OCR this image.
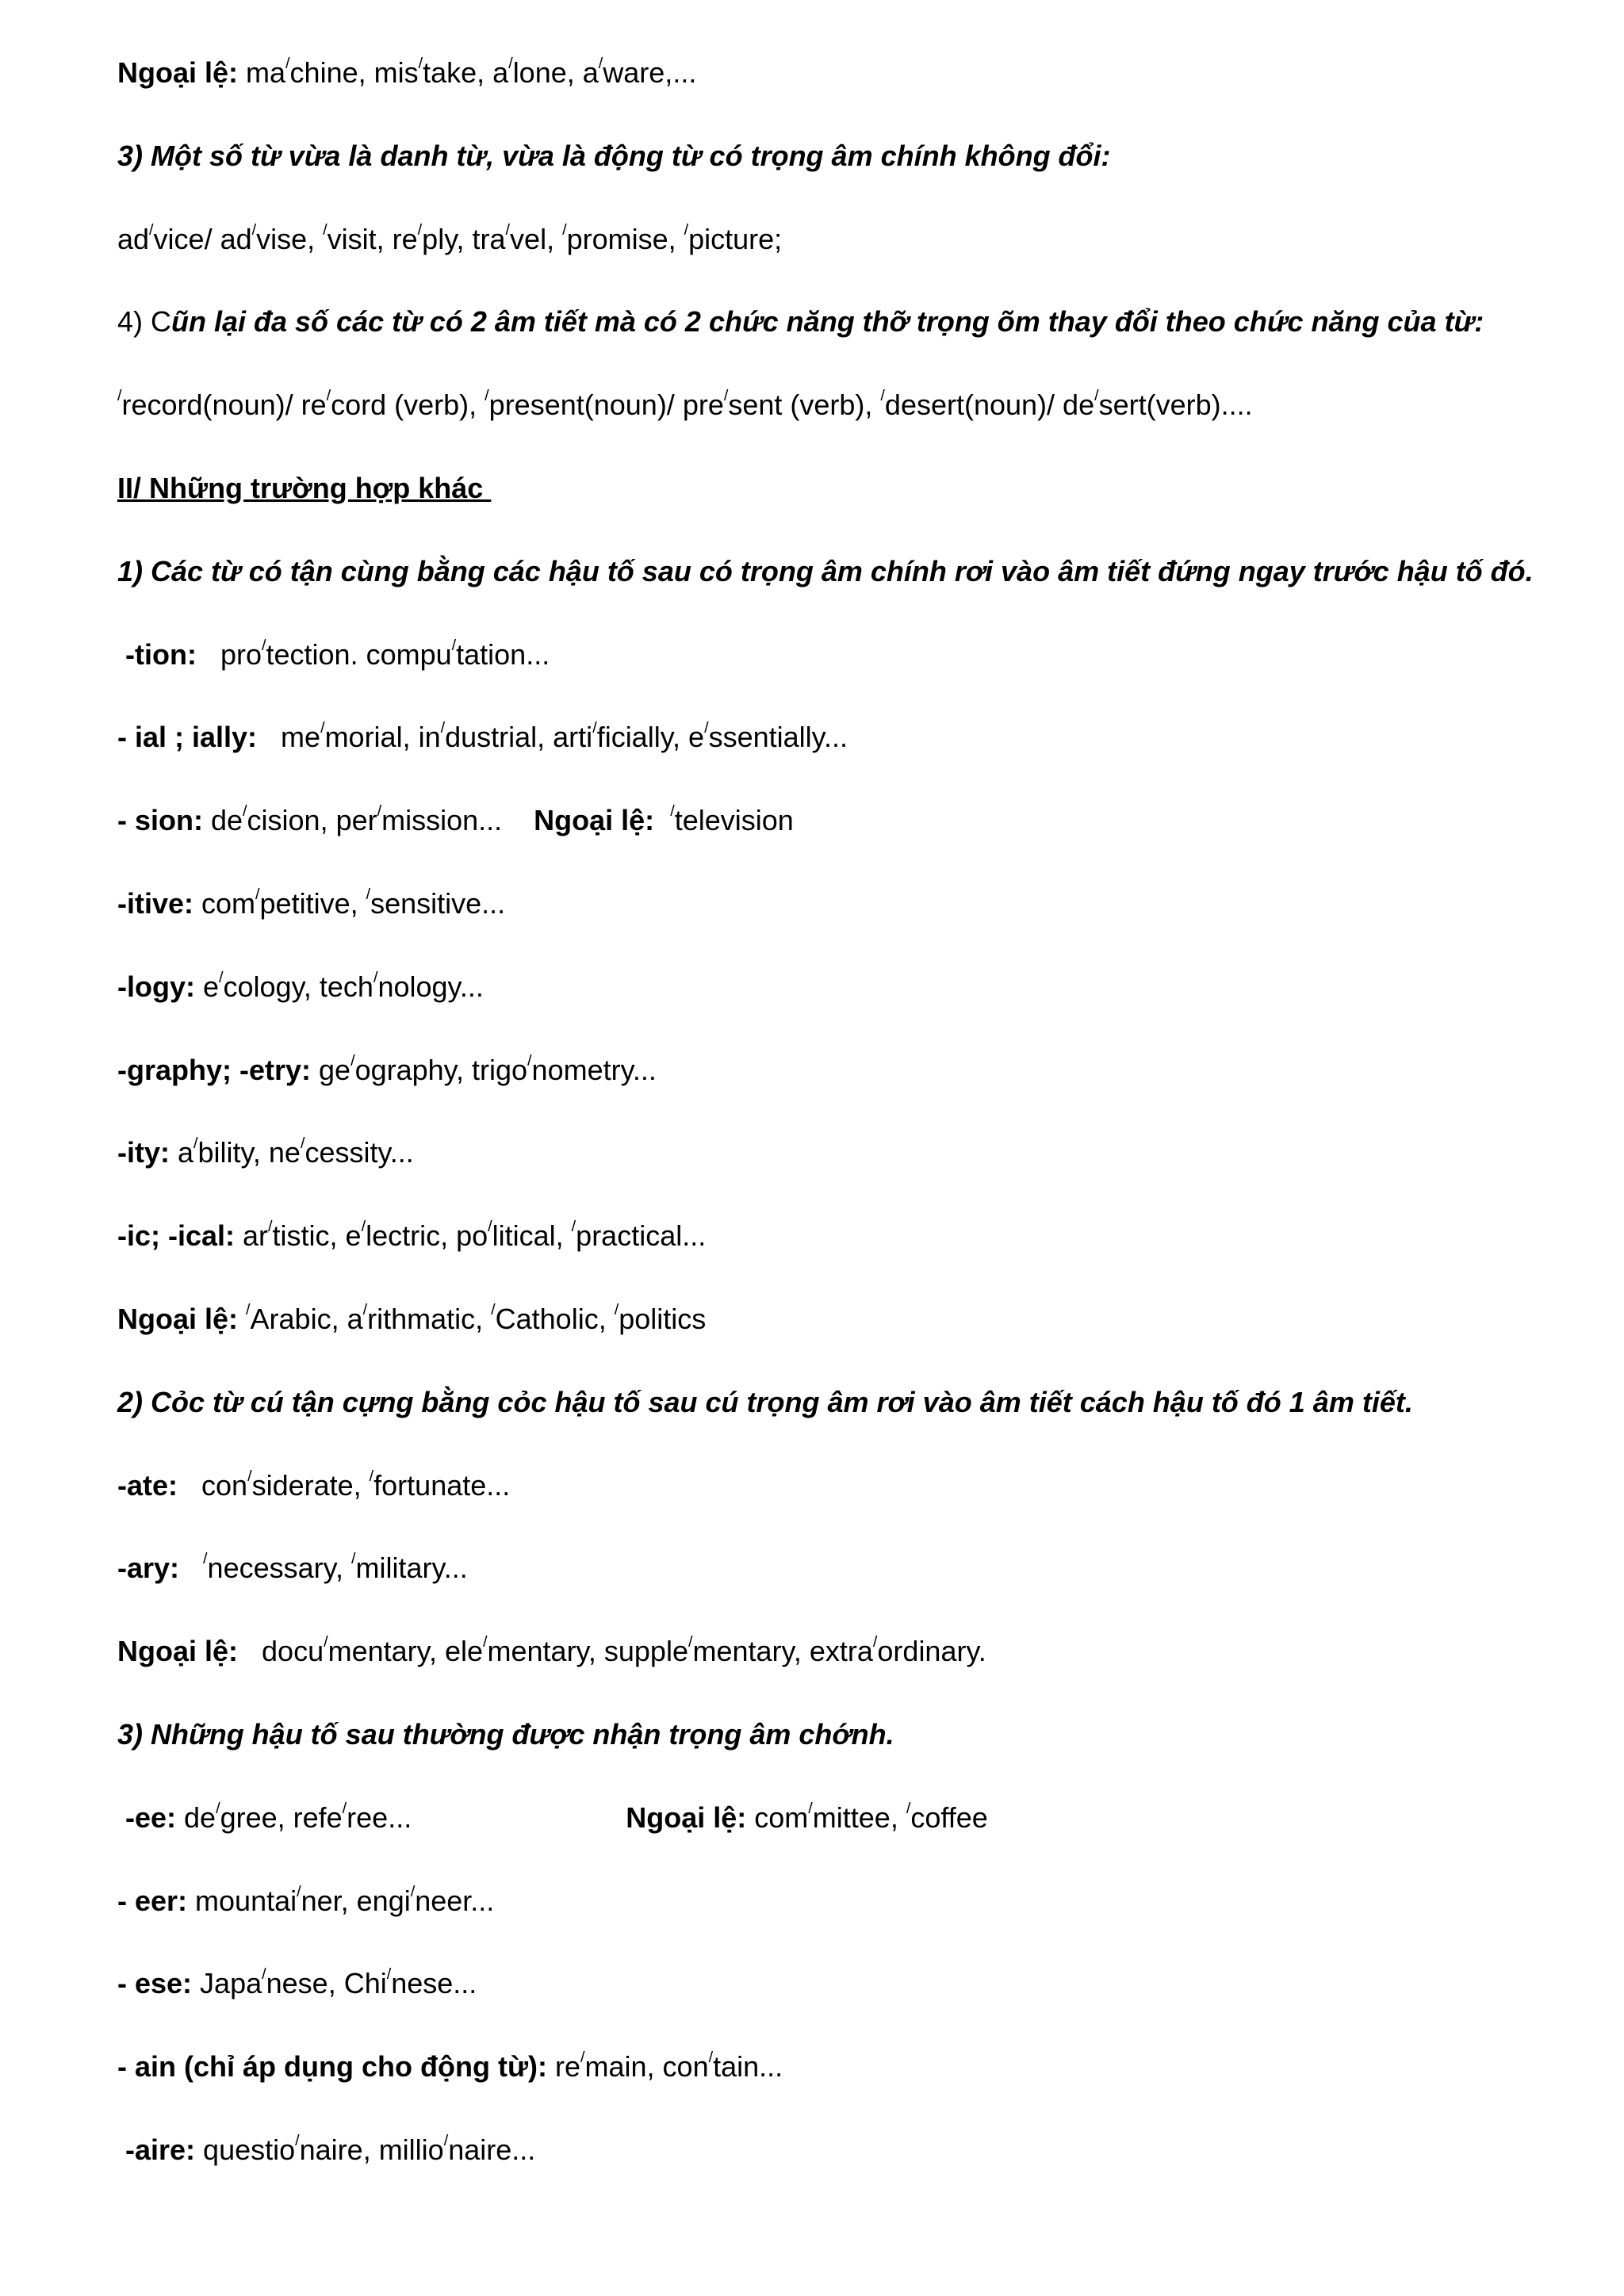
Ngoại lệ: ma/chine, mis/take, a/lone, a/ware,...
3) Một số từ vừa là danh từ, vừa là động từ có trọng âm chính không đổi:
ad/vice/ ad/vise, /visit, re/ply, tra/vel, /promise, /picture;
4) Cũn lại đa số các từ có 2 âm tiết mà có 2 chức năng thỡ trọng õm thay đổi theo chức năng của từ:
/record(noun)/ re/cord (verb), /present(noun)/ pre/sent (verb), /desert(noun)/ de/sert(verb)....
II/ Những trường hợp khác
1) Các từ có tận cùng bằng các hậu tố sau có trọng âm chính rơi vào âm tiết đứng ngay trước hậu tố đó.
-tion:   pro/tection. compu/tation...
- ial ; ially:   me/morial, in/dustrial, arti/ficially, e/ssentially...
- sion: de/cision, per/mission...    Ngoại lệ: /television
-itive: com/petitive, /sensitive...
-logy: e/cology, tech/nology...
-graphy; -etry: ge/ography, trigo/nometry...
-ity: a/bility, ne/cessity...
-ic; -ical: ar/tistic, e/lectric, po/litical, /practical...
Ngoại lệ: /Arabic, a/rithmatic, /Catholic, /politics
2) Cỏc từ cú tận cựng bằng cỏc hậu tố sau cú trọng âm rơi vào âm tiết cách hậu tố đó 1 âm tiết.
-ate:   con/siderate, /fortunate...
-ary: /necessary, /military...
Ngoại lệ:   docu/mentary, ele/mentary, supple/mentary, extra/ordinary.
3) Những hậu tố sau thường được nhận trọng âm chớnh.
-ee: de/gree, refe/ree...                           Ngoại lệ: com/mittee, /coffee
- eer: mountai/ner, engi/neer...
- ese: Japa/nese, Chi/nese...
- ain (chỉ áp dụng cho động từ): re/main, con/tain...
-aire: questio/naire, millio/naire...
